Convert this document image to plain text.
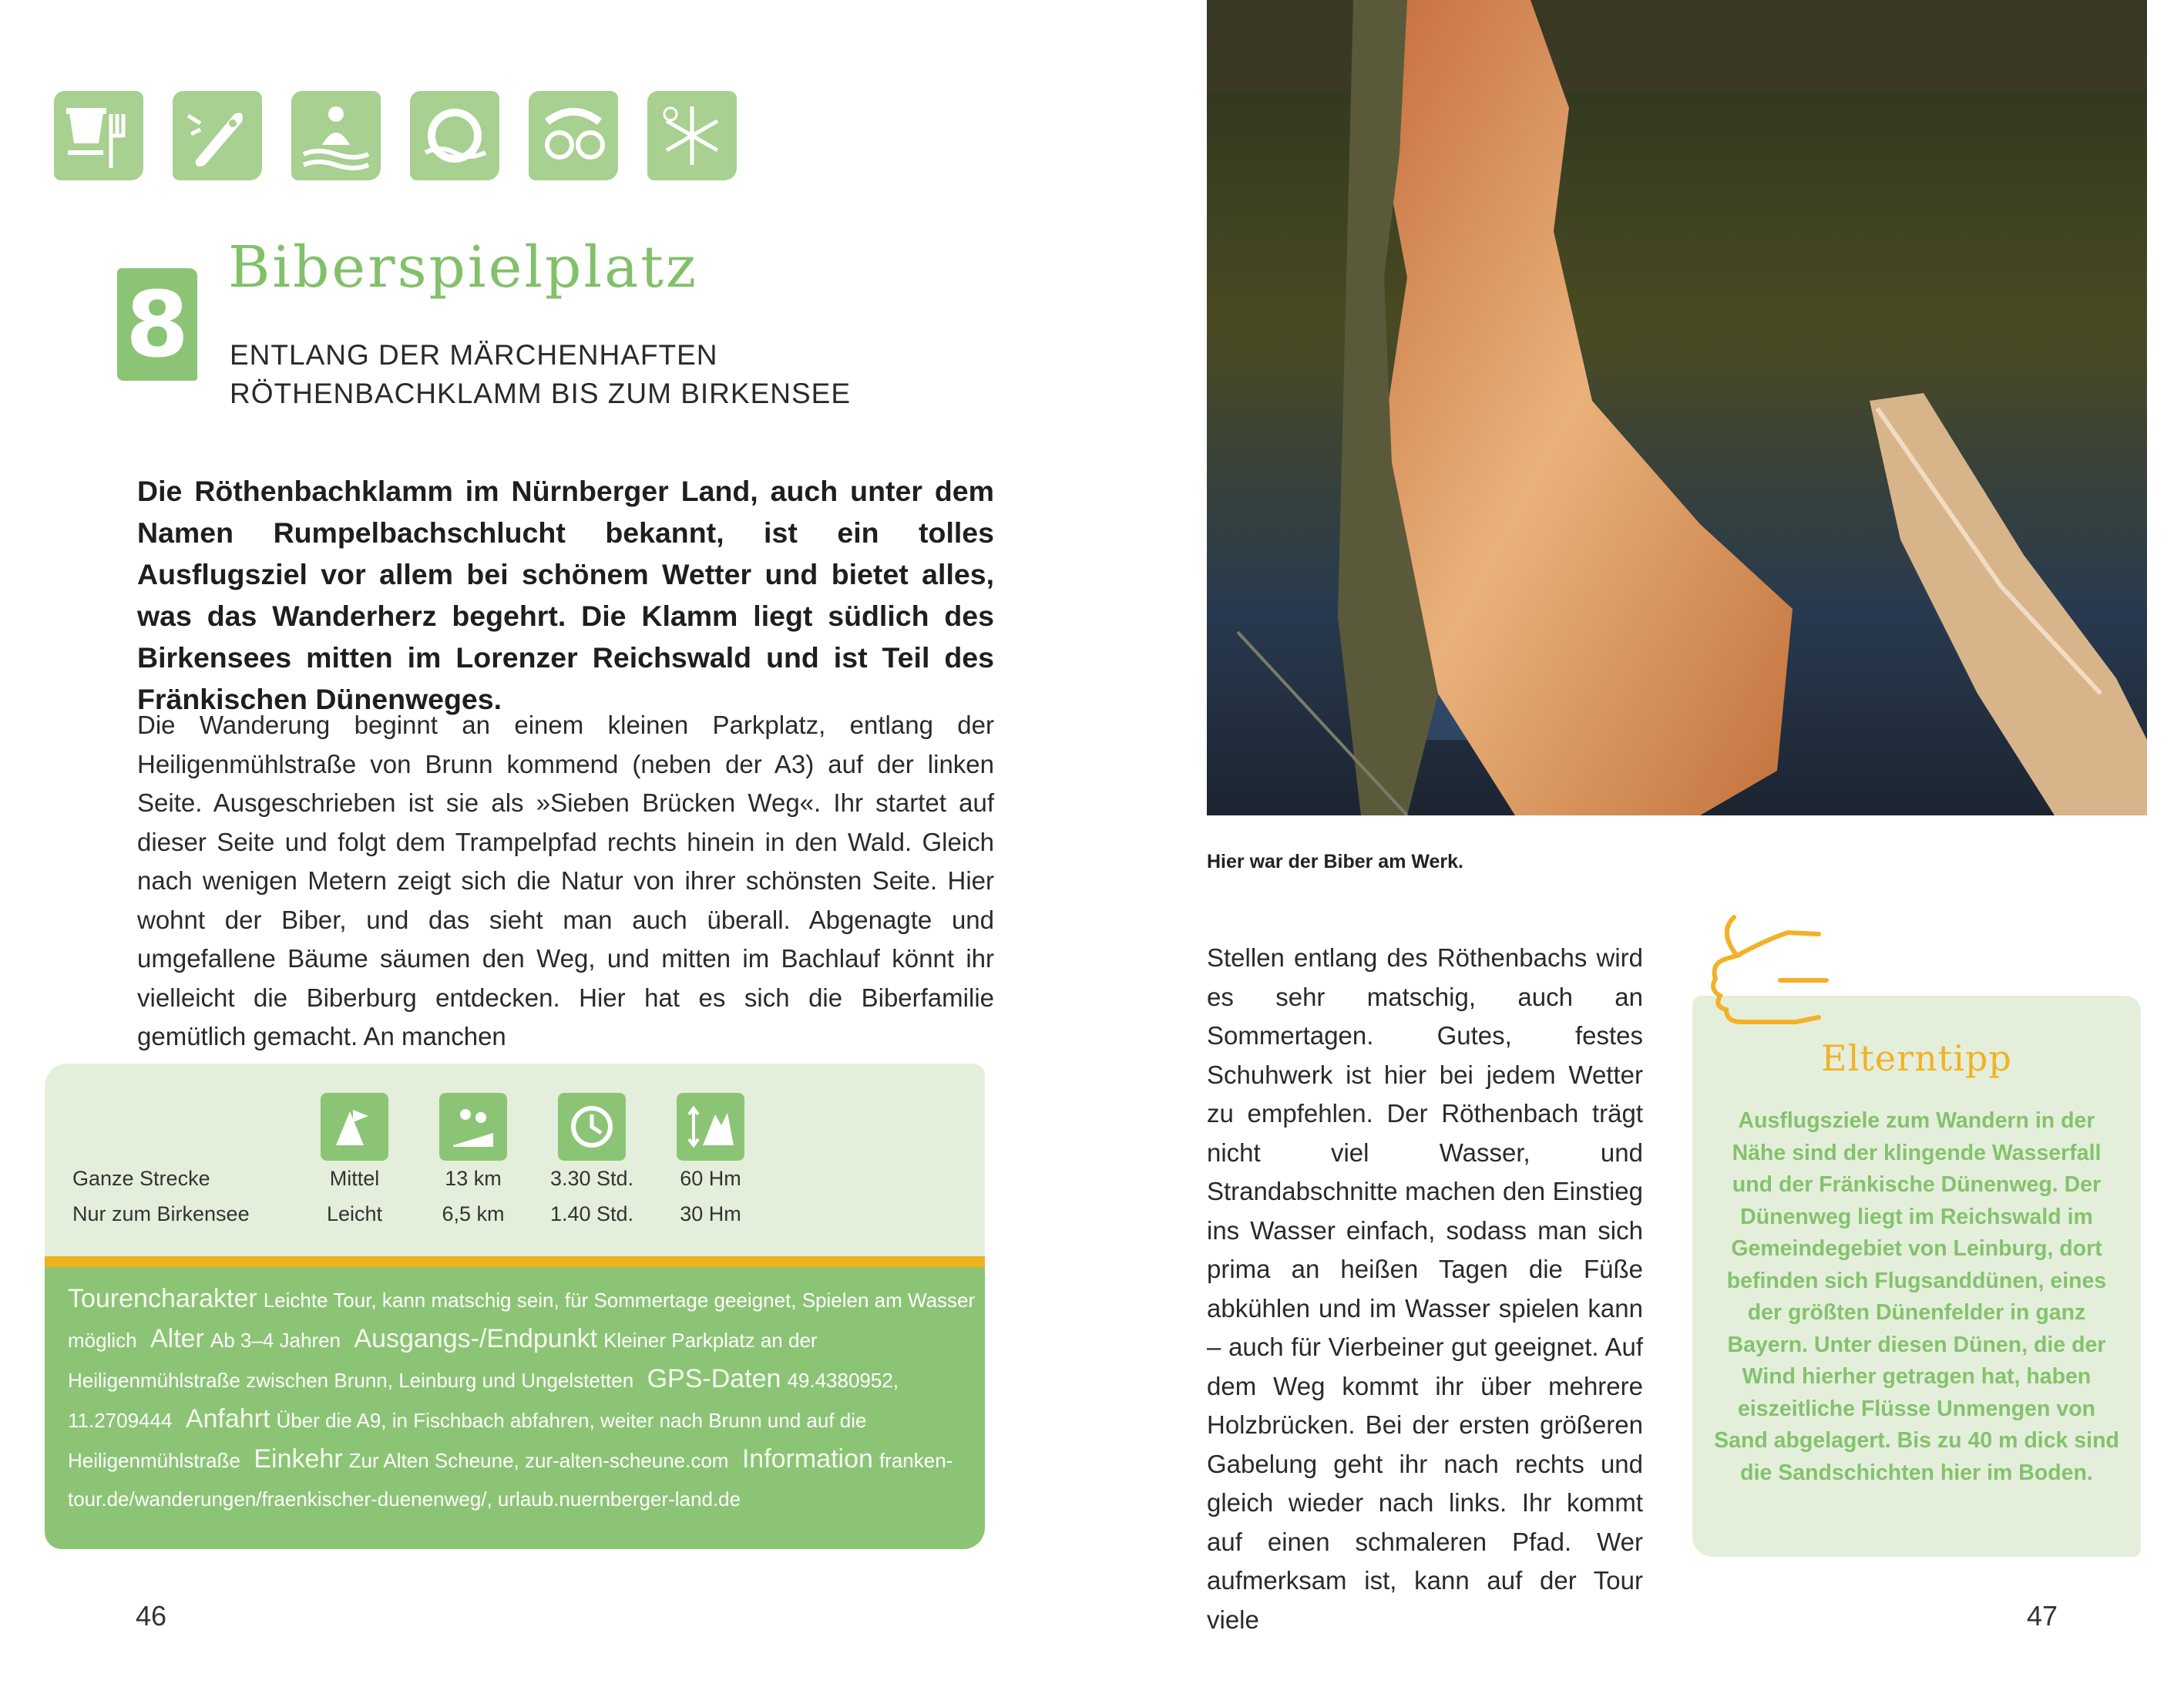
8
Biberspielplatz
ENTLANG DER MÄRCHENHAFTEN
RÖTHENBACHKLAMM BIS ZUM BIRKENSEE
Die Röthenbachklamm im Nürnberger Land, auch unter dem Namen Rumpelbachschlucht bekannt, ist ein tolles Ausflugsziel vor allem bei schönem Wetter und bietet alles, was das Wanderherz begehrt. Die Klamm liegt südlich des Birkensees mitten im Lorenzer Reichswald und ist Teil des Fränkischen Dünenweges.
Die Wanderung beginnt an einem kleinen Parkplatz, entlang der Heiligenmühlstraße von Brunn kommend (neben der A3) auf der linken Seite. Ausgeschrieben ist sie als »Sieben Brücken Weg«. Ihr startet auf dieser Seite und folgt dem Trampelpfad rechts hinein in den Wald. Gleich nach wenigen Metern zeigt sich die Natur von ihrer schönsten Seite. Hier wohnt der Biber, und das sieht man auch überall. Abgenagte und umgefallene Bäume säumen den Weg, und mitten im Bachlauf könnt ihr vielleicht die Biberburg entdecken. Hier hat es sich die Biberfamilie gemütlich gemacht. An manchen
Ganze Strecke	Mittel	13 km	3.30 Std.	60 Hm
Nur zum Birkensee	Leicht	6,5 km	1.40 Std.	30 Hm
Tourencharakter Leichte Tour, kann matschig sein, für Sommertage geeignet, Spielen am Wasser möglich Alter Ab 3–4 Jahren Ausgangs-/Endpunkt Kleiner Parkplatz an der Heiligenmühlstraße zwischen Brunn, Leinburg und Ungelstetten GPS-Daten 49.4380952, 11.2709444 Anfahrt Über die A9, in Fischbach abfahren, weiter nach Brunn und auf die Heiligenmühlstraße Einkehr Zur Alten Scheune, zur-alten-scheune.com Information franken-tour.de/wanderungen/fraenkischer-duenenweg/, urlaub.nuernberger-land.de
46
Hier war der Biber am Werk.
Stellen entlang des Röthenbachs wird es sehr matschig, auch an Sommertagen. Gutes, festes Schuhwerk ist hier bei jedem Wetter zu empfehlen. Der Röthenbach trägt nicht viel Wasser, und Strandabschnitte machen den Einstieg ins Wasser einfach, sodass man sich prima an heißen Tagen die Füße abkühlen und im Wasser spielen kann – auch für Vierbeiner gut geeignet. Auf dem Weg kommt ihr über mehrere Holzbrücken. Bei der ersten größeren Gabelung geht ihr nach rechts und gleich wieder nach links. Ihr kommt auf einen schmaleren Pfad. Wer aufmerksam ist, kann auf der Tour viele
Elterntipp
Ausflugsziele zum Wandern in der Nähe sind der klingende Wasserfall und der Fränkische Dünenweg. Der Dünenweg liegt im Reichswald im Gemeindegebiet von Leinburg, dort befinden sich Flugsanddünen, eines der größten Dünenfelder in ganz Bayern. Unter diesen Dünen, die der Wind hierher getragen hat, haben eiszeitliche Flüsse Unmengen von Sand abgelagert. Bis zu 40 m dick sind die Sandschichten hier im Boden.
47
